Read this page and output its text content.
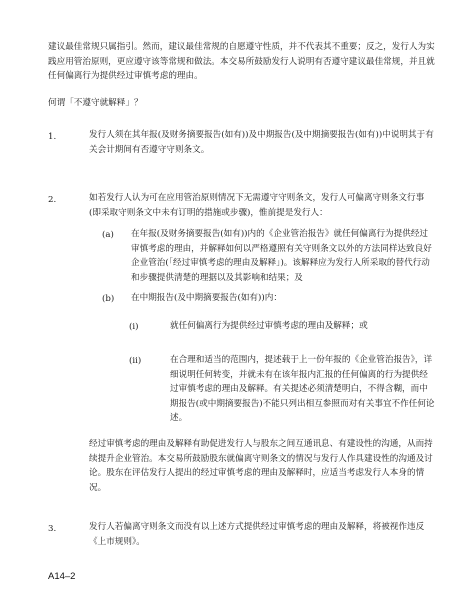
建议最佳常规只属指引。然而，建议最佳常规的自愿遵守性质，并不代表其不重要；反之，发行人为实践应用管治原则，更应遵守该等常规和做法。本交易所鼓励发行人说明有否遵守建议最佳常规，并且就任何偏离行为提供经过审慎考虑的理由。

何谓「不遵守就解释」？

1.	发行人须在其年报(及财务摘要报告(如有))及中期报告(及中期摘要报告(如有))中说明其于有关会计期间有否遵守守则条文。

2.	如若发行人认为可在应用管治原则情况下无需遵守守则条文，发行人可偏离守则条文行事(即采取守则条文中未有订明的措施或步骤)，惟前提是发行人：

(a) 在年报(及财务摘要报告(如有))内的《企业管治报告》就任何偏离行为提供经过审慎考虑的理由，并解释如何以严格遵照有关守则条文以外的方法同样达致良好企业管治(「经过审慎考虑的理由及解释」)。该解释应为发行人所采取的替代行动和步骤提供清楚的理据以及其影响和结果；及

(b) 在中期报告(及中期摘要报告(如有))内：

(i)	就任何偏离行为提供经过审慎考虑的理由及解释；或

(ii)	在合理和适当的范围内，提述载于上一份年报的《企业管治报告》，详细说明任何转变，并就未有在该年报内汇报的任何偏离的行为提供经过审慎考虑的理由及解释。有关提述必须清楚明白，不得含糊，而中期报告(或中期摘要报告)不能只列出相互参照而对有关事宜不作任何论述。

经过审慎考虑的理由及解释有助促进发行人与股东之间互通讯息、有建设性的沟通，从而持续提升企业管治。本交易所鼓励股东就偏离守则条文的情况与发行人作具建设性的沟通及讨论。股东在评估发行人提出的经过审慎考虑的理由及解释时，应适当考虑发行人本身的情况。

3.	发行人若偏离守则条文而没有以上述方式提供经过审慎考虑的理由及解释，将被视作违反《上市规则》。

A14–2
